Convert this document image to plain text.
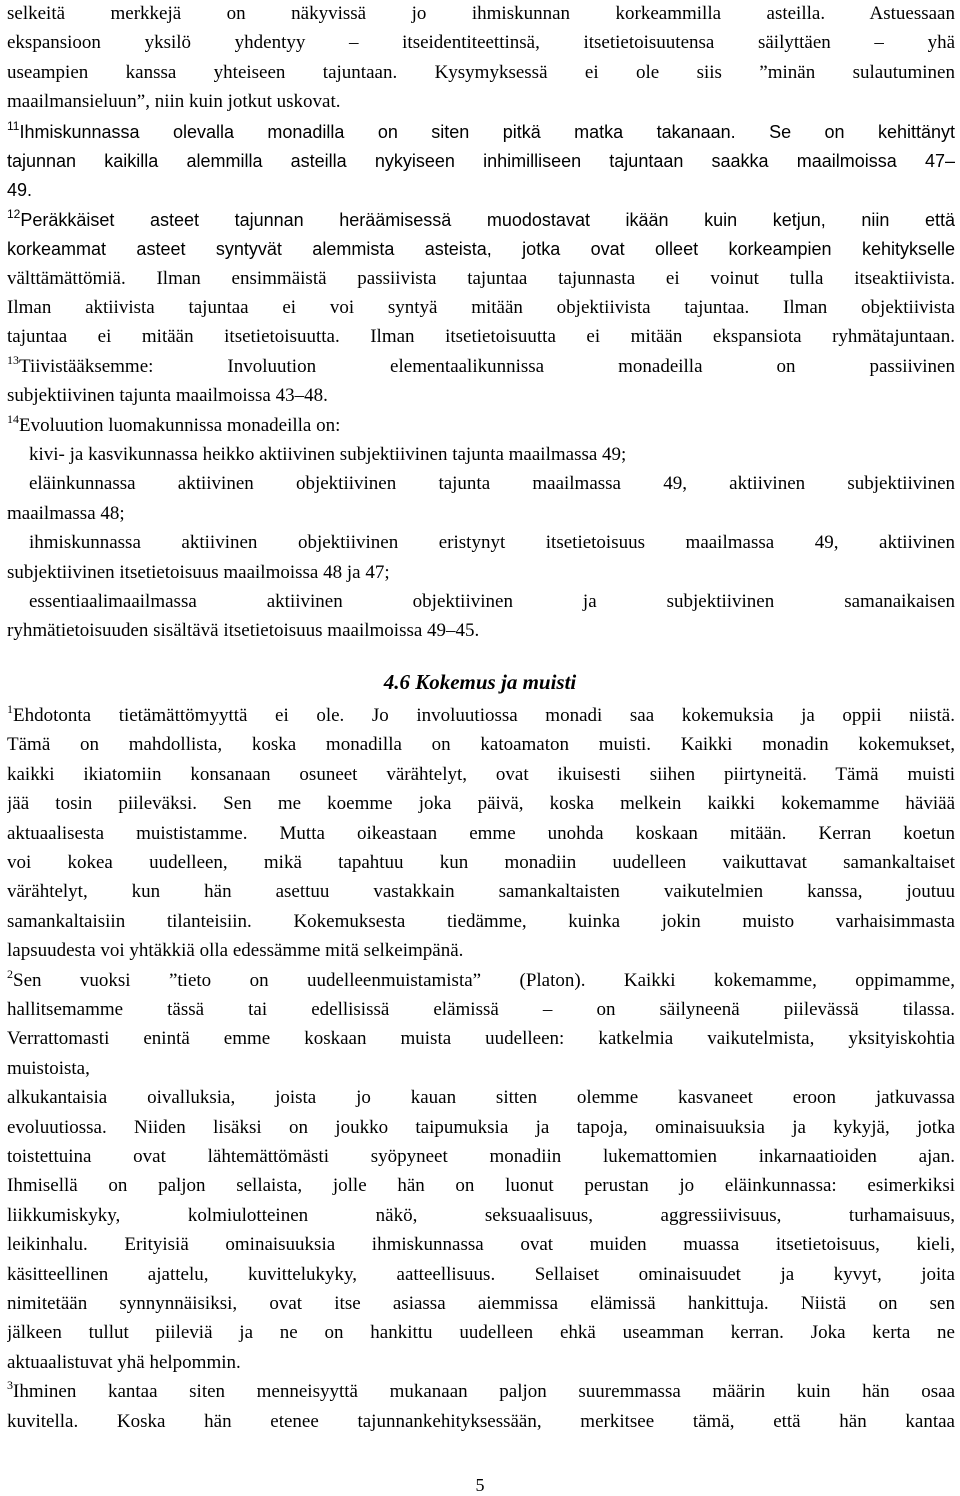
selkeitä merkkejä on näkyvissä jo ihmiskunnan korkeammilla asteilla. Astuessaan
ekspansioon yksilö yhdentyy – itseidentiteettinsä, itsetietoisuutensa säilyttäen – yhä
useampien kanssa yhteiseen tajuntaan. Kysymyksessä ei ole siis ”minän sulautuminen
maailmansieluun”, niin kuin jotkut uskovat.
$^{11}$Ihmiskunnassa olevalla monadilla on siten pitkä matka takanaan. Se on kehittänyt
tajunnan kaikilla alemmilla asteilla nykyiseen inhimilliseen tajuntaan saakka maailmoissa 47–
49.
$^{12}$Peräkkäiset asteet tajunnan heräämisessä muodostavat ikään kuin ketjun, niin että
korkeammat asteet syntyvät alemmista asteista, jotka ovat olleet korkeampien kehitykselle
välttämättömiä. Ilman ensimmäistä passiivista tajuntaa tajunnasta ei voinut tulla itseaktiivista.
Ilman aktiivista tajuntaa ei voi syntyä mitään objektiivista tajuntaa. Ilman objektiivista
tajuntaa ei mitään itsetietoisuutta. Ilman itsetietoisuutta ei mitään ekspansiota ryhmätajuntaan.
$^{13}$Tiivistääksemme: Involuution elementaalikunnissa monadeilla on passiivinen
subjektiivinen tajunta maailmoissa 43–48.
$^{14}$Evoluution luomakunnissa monadeilla on:
kivi- ja kasvikunnassa heikko aktiivinen subjektiivinen tajunta maailmassa 49;
eläinkunnassa aktiivinen objektiivinen tajunta maailmassa 49, aktiivinen subjektiivinen
maailmassa 48;
ihmiskunnassa aktiivinen objektiivinen eristynyt itsetietoisuus maailmassa 49, aktiivinen
subjektiivinen itsetietoisuus maailmoissa 48 ja 47;
essentiaalimaailmassa aktiivinen objektiivinen ja subjektiivinen samanaikaisen
ryhmätietoisuuden sisältävä itsetietoisuus maailmoissa 49–45.
4.6 Kokemus ja muisti
$^1$Ehdotonta tietämättömyyttä ei ole. Jo involuutiossa monadi saa kokemuksia ja oppii niistä.
Tämä on mahdollista, koska monadilla on katoamaton muisti. Kaikki monadin kokemukset,
kaikki ikiatomiin konsanaan osuneet värähtelyt, ovat ikuisesti siihen piirtyneitä. Tämä muisti
jää tosin piileväksi. Sen me koemme joka päivä, koska melkein kaikki kokemamme häviää
aktuaalisesta muististamme. Mutta oikeastaan emme unohda koskaan mitään. Kerran koetun
voi kokea uudelleen, mikä tapahtuu kun monadiin uudelleen vaikuttavat samankaltaiset
värähtelyt, kun hän asettuu vastakkain samankaltaisten vaikutelmien kanssa, joutuu
samankaltaisiin tilanteisiin. Kokemuksesta tiedämme, kuinka jokin muisto varhaisimmasta
lapsuudesta voi yhtäkkiä olla edessämme mitä selkeimpänä.
$^2$Sen vuoksi ”tieto on uudelleenmuistamista” (Platon). Kaikki kokemamme, oppimamme,
hallitsemamme tässä tai edellisissä elämissä – on säilyneenä piilevässä tilassa.
Verrattomasti enintä emme koskaan muista uudelleen: katkelmia vaikutelmista, yksityiskohtia
muistoista,
alkukantaisia oivalluksia, joista jo kauan sitten olemme kasvaneet eroon jatkuvassa
evoluutiossa. Niiden lisäksi on joukko taipumuksia ja tapoja, ominaisuuksia ja kykyjä, jotka
toistettuina ovat lähtemättömästi syöpyneet monadiin lukemattomien inkarnaatioiden ajan.
Ihmisellä on paljon sellaista, jolle hän on luonut perustan jo eläinkunnassa: esimerkiksi
liikkumiskyky, kolmiulotteinen näkö, seksuaalisuus, aggressiivisuus, turhamaisuus,
leikinhalu. Erityisiä ominaisuuksia ihmiskunnassa ovat muiden muassa itsetietoisuus, kieli,
käsitteellinen ajattelu, kuvittelukyky, aatteellisuus. Sellaiset ominaisuudet ja kyvyt, joita
nimitetään synnynnäisiksi, ovat itse asiassa aiemmissa elämissä hankittuja. Niistä on sen
jälkeen tullut piileviä ja ne on hankittu uudelleen ehkä useamman kerran. Joka kerta ne
aktuaalistuvat yhä helpommin.
$^3$Ihminen kantaa siten menneisyyttä mukanaan paljon suuremmassa määrin kuin hän osaa
kuvitella. Koska hän etenee tajunnankehityksessään, merkitsee tämä, että hän kantaa
5
